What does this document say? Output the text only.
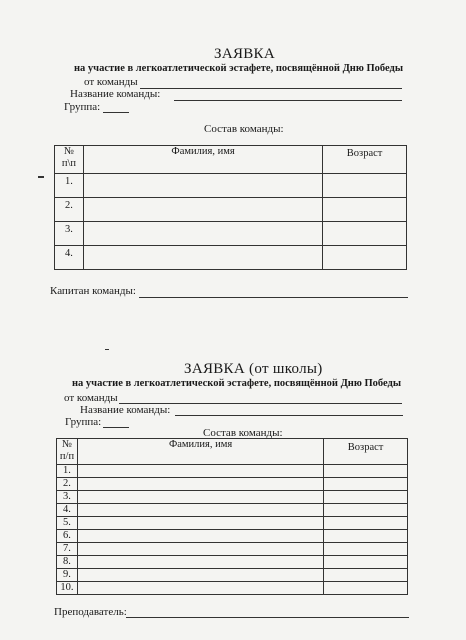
ЗАЯВКА
на участие в легкоатлетической эстафете, посвящённой Дню Победы
от команды
Название команды:
Группа:
Состав команды:
№
п\п	Фамилия, имя	Возраст
1.		
2.		
3.		
4.		
Капитан команды:
ЗАЯВКА (от школы)
на участие в легкоатлетической эстафете, посвящённой Дню Победы
от команды
Название команды:
Группа:
Состав команды:
№
п/п	Фамилия, имя	Возраст
1.		
2.		
3.		
4.		
5.		
6.		
7.		
8.		
9.		
10.		
Преподаватель:
